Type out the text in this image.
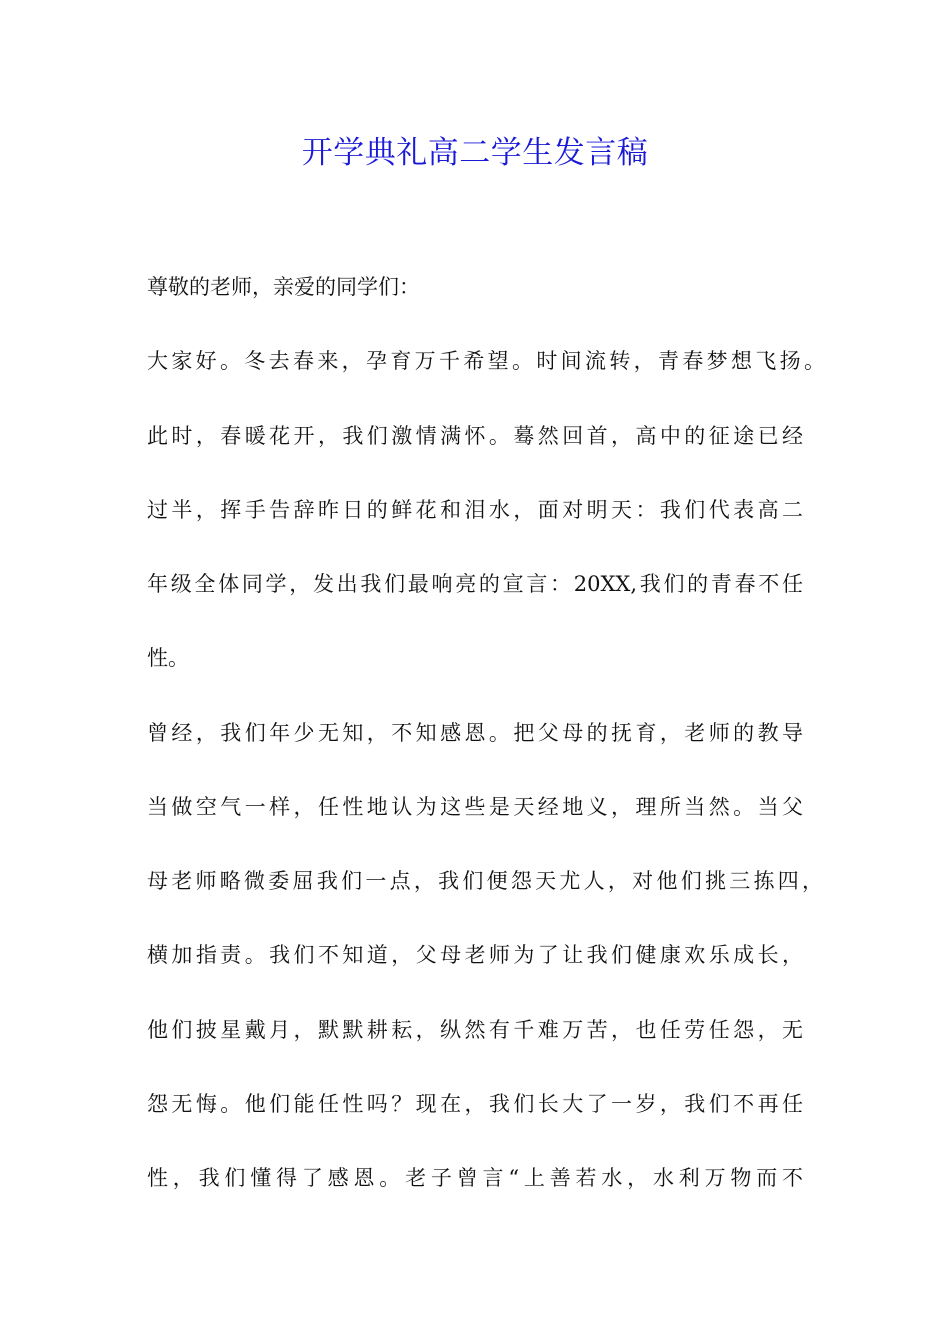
开学典礼高二学生发言稿

尊敬的老师，亲爱的同学们：

大家好。冬去春来，孕育万千希望。时间流转，青春梦想飞扬。

此时，春暖花开，我们激情满怀。蓦然回首，高中的征途已经

过半，挥手告辞昨日的鲜花和泪水，面对明天：我们代表高二

年级全体同学，发出我们最响亮的宣言：20XX,我们的青春不任

性。

曾经，我们年少无知，不知感恩。把父母的抚育，老师的教导

当做空气一样，任性地认为这些是天经地义，理所当然。当父

母老师略微委屈我们一点，我们便怨天尤人，对他们挑三拣四，

横加指责。我们不知道，父母老师为了让我们健康欢乐成长，

他们披星戴月，默默耕耘，纵然有千难万苦，也任劳任怨，无

怨无悔。他们能任性吗？现在，我们长大了一岁，我们不再任

性，我们懂得了感恩。老子曾言“上善若水，水利万物而不
